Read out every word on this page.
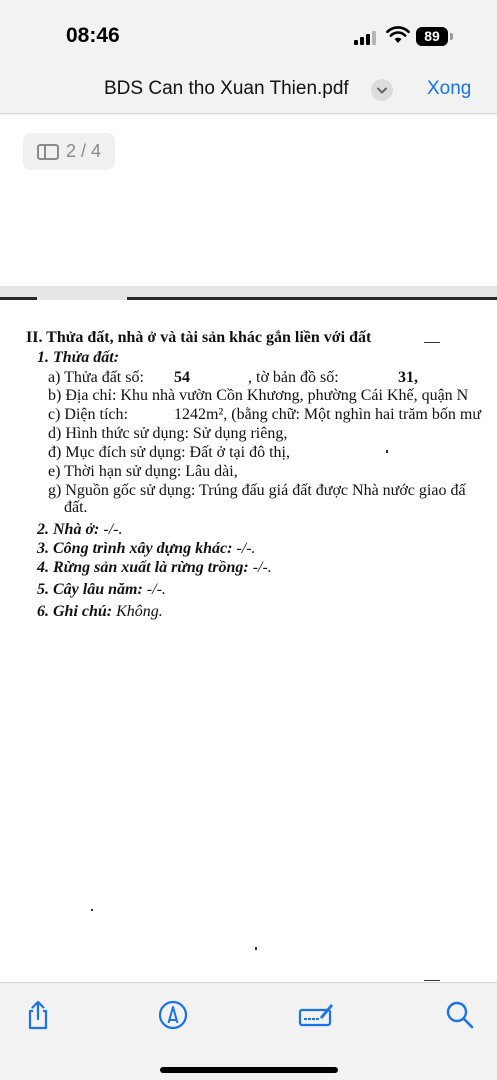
08:46	89
BDS Can tho Xuan Thien.pdf	Xong
2 / 4
II. Thửa đất, nhà ở và tài sản khác gắn liền với đất
1. Thửa đất:
a) Thửa đất số: 54	, tờ bản đồ số:	31,
b) Địa chỉ: Khu nhà vườn Cồn Khương, phường Cái Khế, quận N
c) Diện tích:	1242m², (bằng chữ: Một nghìn hai trăm bốn mư
d) Hình thức sử dụng: Sử dụng riêng,
đ) Mục đích sử dụng: Đất ở tại đô thị,
e) Thời hạn sử dụng: Lâu dài,
g) Nguồn gốc sử dụng: Trúng đấu giá đất được Nhà nước giao đấ
đất.
2. Nhà ở: -/-.
3. Công trình xây dựng khác: -/-.
4. Rừng sản xuất là rừng trồng: -/-.
5. Cây lâu năm: -/-.
6. Ghi chú: Không.
